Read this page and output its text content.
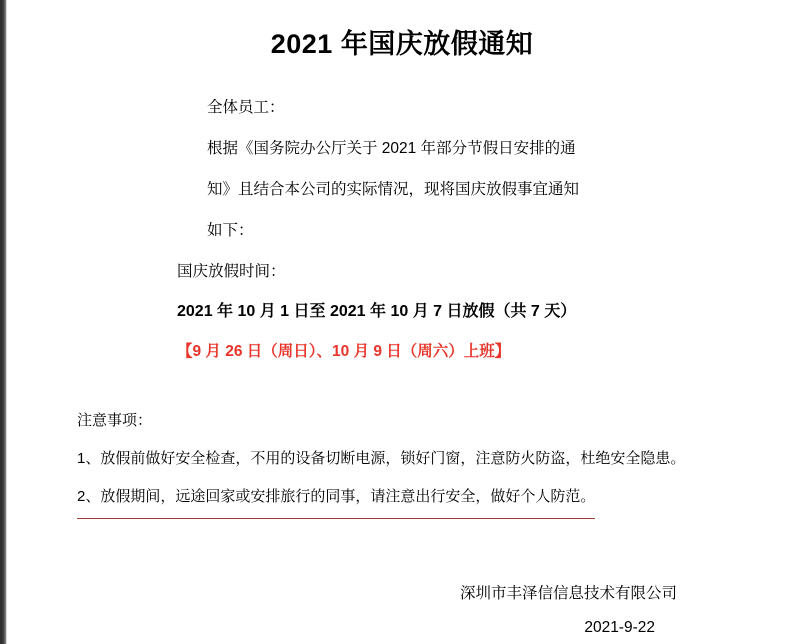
2021 年国庆放假通知

全体员工：

根据《国务院办公厅关于 2021 年部分节假日安排的通

知》且结合本公司的实际情况，现将国庆放假事宜通知

如下：

国庆放假时间：

2021 年 10 月 1 日至 2021 年 10 月 7 日放假（共 7 天）

【9 月 26 日（周日）、10 月 9 日（周六）上班】

注意事项：

1、放假前做好安全检查，不用的设备切断电源，锁好门窗，注意防火防盗，杜绝安全隐患。

2、放假期间，远途回家或安排旅行的同事，请注意出行安全，做好个人防范。

深圳市丰泽信信息技术有限公司
2021-9-22
